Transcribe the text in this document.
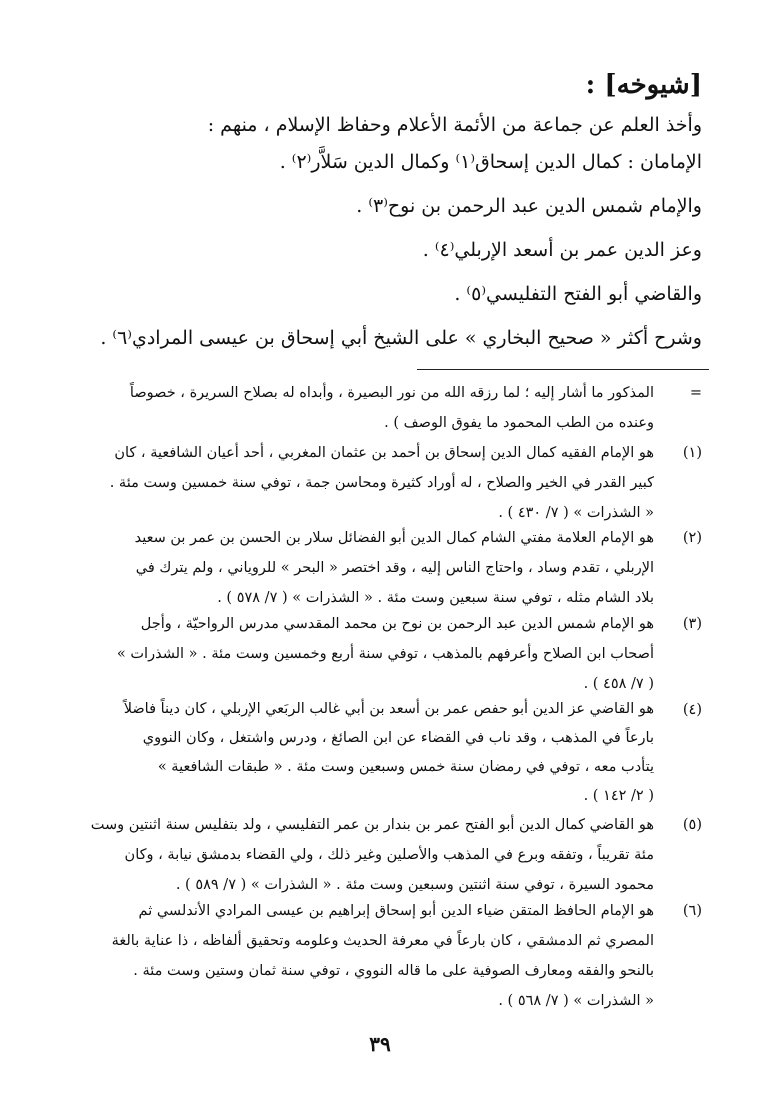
[شيوخه] :
وأخذ العلم عن جماعة من الأئمة الأعلام وحفاظ الإسلام ، منهم :
الإمامان : كمال الدين إسحاق⁽١⁾ وكمال الدين سَلاَّر⁽٢⁾ .
والإمام شمس الدين عبد الرحمن بن نوح⁽٣⁾ .
وعز الدين عمر بن أسعد الإربلي⁽٤⁾ .
والقاضي أبو الفتح التفليسي⁽٥⁾ .
وشرح أكثر « صحيح البخاري » على الشيخ أبي إسحاق بن عيسى المرادي⁽٦⁾ .
=
المذكور ما أشار إليه ؛ لما رزقه الله من نور البصيرة ، وأبداه له بصلاح السريرة ، خصوصاً
وعنده من الطب المحمود ما يفوق الوصف ) .
(١)
هو الإمام الفقيه كمال الدين إسحاق بن أحمد بن عثمان المغربي ، أحد أعيان الشافعية ، كان
كبير القدر في الخير والصلاح ، له أوراد كثيرة ومحاسن جمة ، توفي سنة خمسين وست مئة .
« الشذرات » ( ٧/ ٤٣٠ ) .
(٢)
هو الإمام العلامة مفتي الشام كمال الدين أبو الفضائل سلار بن الحسن بن عمر بن سعيد
الإربلي ، تقدم وساد ، واحتاج الناس إليه ، وقد اختصر « البحر » للروياني ، ولم يترك في
بلاد الشام مثله ، توفي سنة سبعين وست مئة . « الشذرات » ( ٧/ ٥٧٨ ) .
(٣)
هو الإمام شمس الدين عبد الرحمن بن نوح بن محمد المقدسي مدرس الرواحيّة ، وأجل
أصحاب ابن الصلاح وأعرفهم بالمذهب ، توفي سنة أربع وخمسين وست مئة . « الشذرات »
( ٧/ ٤٥٨ ) .
(٤)
هو القاضي عز الدين أبو حفص عمر بن أسعد بن أبي غالب الربَعي الإربلي ، كان ديناً فاضلاً
بارعاً في المذهب ، وقد ناب في القضاء عن ابن الصائغ ، ودرس واشتغل ، وكان النووي
يتأدب معه ، توفي في رمضان سنة خمس وسبعين وست مئة . « طبقات الشافعية »
( ٢/ ١٤٢ ) .
(٥)
هو القاضي كمال الدين أبو الفتح عمر بن بندار بن عمر التفليسي ، ولد بتفليس سنة اثنتين وست
مئة تقريباً ، وتفقه وبرع في المذهب والأصلين وغير ذلك ، ولي القضاء بدمشق نيابة ، وكان
محمود السيرة ، توفي سنة اثنتين وسبعين وست مئة . « الشذرات » ( ٧/ ٥٨٩ ) .
(٦)
هو الإمام الحافظ المتقن ضياء الدين أبو إسحاق إبراهيم بن عيسى المرادي الأندلسي ثم
المصري ثم الدمشقي ، كان بارعاً في معرفة الحديث وعلومه وتحقيق ألفاظه ، ذا عناية بالغة
بالنحو والفقه ومعارف الصوفية على ما قاله النووي ، توفي سنة ثمان وستين وست مئة .
« الشذرات » ( ٧/ ٥٦٨ ) .
٣٩
